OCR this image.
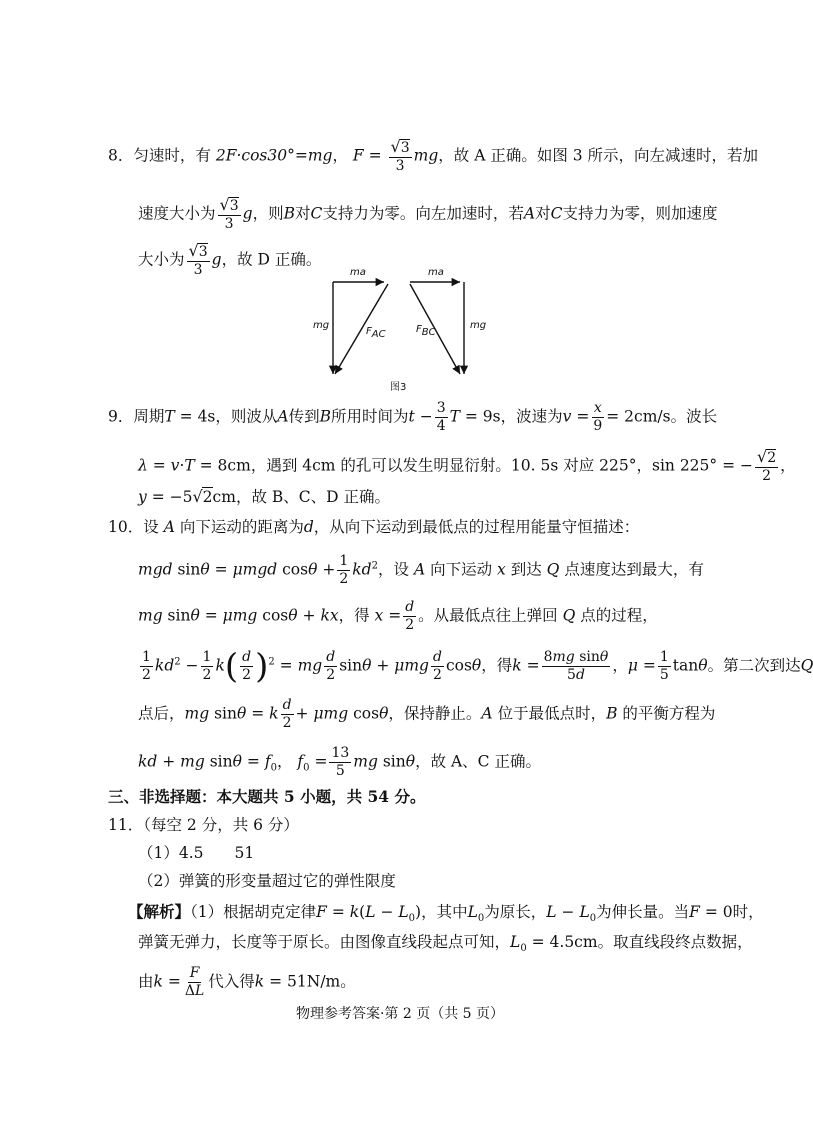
8．匀速时，有 2F·cos30°=mg， $F = \frac{√3}{3}$ mg，故 A 正确。如图 3 所示，向左减速时，若加
速度大小为 $\frac{√3}{3}$ g，则B对C支持力为零。向左加速时，若A对C支持力为零，则加速度
大小为 $\frac{√3}{3}$ g，故 D 正确。
ma
mg
$F_{AC}$
ma
mg
$F_{BC}$
图3
9．周期T = 4s，则波从A传到B所用时间为$t - \frac{3}{4}$ T = 9s，波速为$v = \frac{x}{9} = 2cm/s$。波长
λ = v·T = 8cm，遇到 4cm 的孔可以发生明显衍射。10. 5s 对应 225°，sin 225° = − $\frac{√2}{2}$ ，
y = −5√2cm，故 B、C、D 正确。
10．设 A 向下运动的距离为d，从向下运动到最低点的过程用能量守恒描述：
mgd sinθ = μmgd $\cos\theta + \frac{1}{2} kd^2$，设 A 向下运动 x 到达 Q 点速度达到最大，有
mg sinθ = μmg cosθ + kx，得 $x = \frac{d}{2}$ 。从最低点往上弹回 Q 点的过程，
$\frac{1}{2} kd^2 - \frac{1}{2} k( \frac{d}{2} )^2$ = mg $\frac{d}{2}$ sinθ + μmg $\frac{d}{2}$ cosθ，得$k = \frac{\text{8mg sinθ}}{5d}$ ，$\mu = \frac{1}{5}$ tanθ。第二次到达Q
点后，mg sinθ = k $\frac{d}{2} + \mu mg$ cosθ，保持静止。A 位于最低点时，B 的平衡方程为
kd + mg $\sin\theta = f_0$， $f_0 = \frac{13}{5}$ mg sinθ，故 A、C 正确。
三、非选择题：本大题共 5 小题，共 54 分。
11．（每空 2 分，共 6 分）
（1）4.5　　51
（2）弹簧的形变量超过它的弹性限度
【解析】（1）根据胡克定律$F = k(L - L_0)$，其中$L_0$为原长，$L - L_0$为伸长量。当F = 0时，
弹簧无弹力，长度等于原长。由图像直线段起点可知，$L_0 = 4.5cm$。取直线段终点数据，
由$k = \frac{F}{\Delta L}$ 代入得k = 51N/m。
物理参考答案·第 2 页（共 5 页）
